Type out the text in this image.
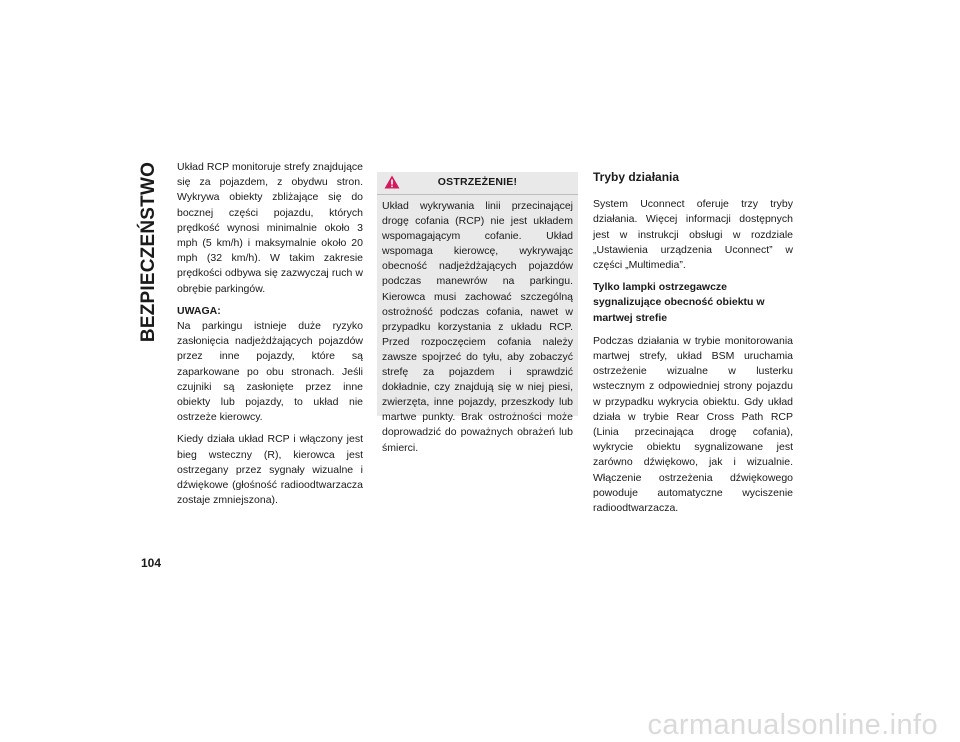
BEZPIECZEŃSTWO Układ RCP monitoruje strefy znajdujące się za pojazdem, z obydwu stron. Wykrywa obiekty zbliżające się do bocznej części pojazdu, których prędkość wynosi minimalnie około 3 mph (5 km/h) i maksymalnie około 20 mph (32 km/h). W takim zakresie prędkości odbywa się zazwyczaj ruch w obrębie parkingów.

UWAGA:

Na parkingu istnieje duże ryzyko zasłonięcia nadjeżdżających pojazdów przez inne pojazdy, które są zaparkowane po obu stronach. Jeśli czujniki są zasłonięte przez inne obiekty lub pojazdy, to układ nie ostrzeże kierowcy.

Kiedy działa układ RCP i włączony jest bieg wsteczny (R), kierowca jest ostrzegany przez sygnały wizualne i dźwiękowe (głośność radioodtwarzacza zostaje zmniejszona).

OSTRZEŻENIE!

Układ wykrywania linii przecinającej drogę cofania (RCP) nie jest układem wspomagającym cofanie. Układ wspomaga kierowcę, wykrywając obecność nadjeżdżających pojazdów podczas manewrów na parkingu. Kierowca musi zachować szczególną ostrożność podczas cofania, nawet w przypadku korzystania z układu RCP. Przed rozpoczęciem cofania należy zawsze spojrzeć do tyłu, aby zobaczyć strefę za pojazdem i sprawdzić dokładnie, czy znajdują się w niej piesi, zwierzęta, inne pojazdy, przeszkody lub martwe punkty. Brak ostrożności może doprowadzić do poważnych obrażeń lub śmierci.

Tryby działania

System Uconnect oferuje trzy tryby działania. Więcej informacji dostępnych jest w instrukcji obsługi w rozdziale „Ustawienia urządzenia Uconnect” w części „Multimedia”.

Tylko lampki ostrzegawcze sygnalizujące obecność obiektu w martwej strefie

Podczas działania w trybie monitorowania martwej strefy, układ BSM uruchamia ostrzeżenie wizualne w lusterku wstecznym z odpowiedniej strony pojazdu w przypadku wykrycia obiektu. Gdy układ działa w trybie Rear Cross Path RCP (Linia przecinająca drogę cofania), wykrycie obiektu sygnalizowane jest zarówno dźwiękowo, jak i wizualnie. Włączenie ostrzeżenia dźwiękowego powoduje automatyczne wyciszenie radioodtwarzacza.

104
carmanualsonline.info
